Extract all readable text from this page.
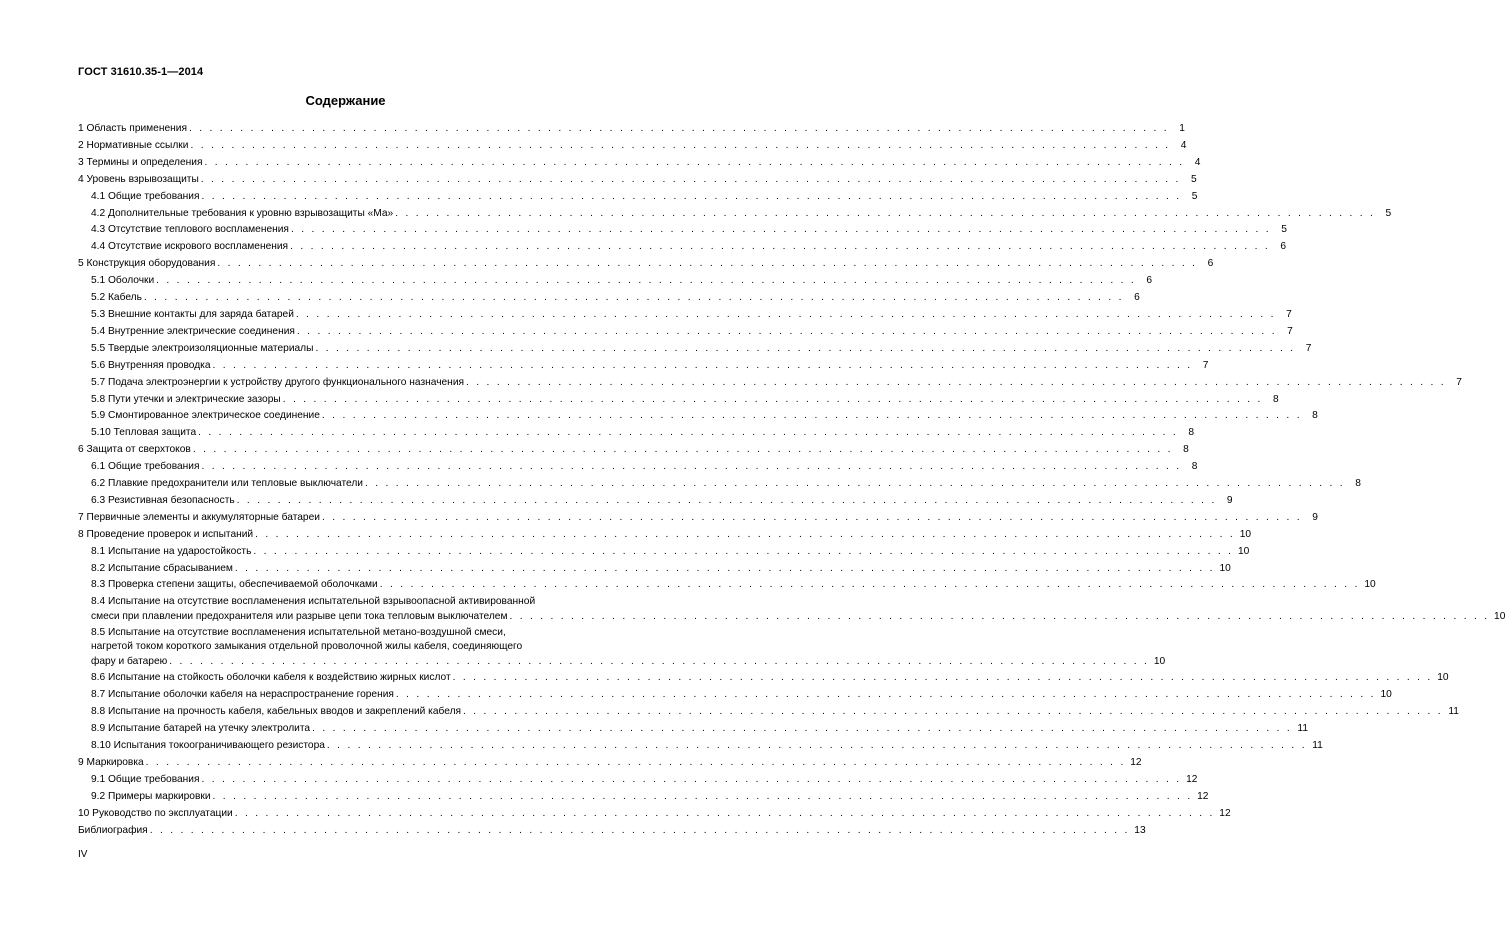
ГОСТ 31610.35-1—2014
Содержание
1 Область применения . . . . . . . . . . . . . . . . . . . . . . . . . . . . . . . . . . . . . . . . . . . . . . . . . . . . . . . . . . . . . . . . . . . . . . . . . . . . . . . . . . . . . . . . . . . . . . . .	1
2 Нормативные ссылки . . . . . . . . . . . . . . . . . . . . . . . . . . . . . . . . . . . . . . . . . . . . . . . . . . . . . . . . . . . . . . . . . . . . . . . . . . . . . . . . . . . . . . . . . . . . . . . .	4
3 Термины и определения . . . . . . . . . . . . . . . . . . . . . . . . . . . . . . . . . . . . . . . . . . . . . . . . . . . . . . . . . . . . . . . . . . . . . . . . . . . . . . . . . . . . . . . . . . . . . . . .	4
4 Уровень взрывозащиты . . . . . . . . . . . . . . . . . . . . . . . . . . . . . . . . . . . . . . . . . . . . . . . . . . . . . . . . . . . . . . . . . . . . . . . . . . . . . . . . . . . . . . . . . . . . . . . .	5
4.1 Общие требования . . . . . . . . . . . . . . . . . . . . . . . . . . . . . . . . . . . . . . . . . . . . . . . . . . . . . . . . . . . . . . . . . . . . . . . . . . . . . . . . . . . . . . . . . . . . . . . .	5
4.2 Дополнительные требования к уровню взрывозащиты «Ма» . . . . . . . . . . . . . . . . . . . . . . . . . . . . . . . . . . . . . . . . . . . . . . . . . . . . . . . . . . . . . . . . . . . . . . . . . . . . . . . . . . . . . . . . . . . . . . . .	5
4.3 Отсутствие теплового воспламенения . . . . . . . . . . . . . . . . . . . . . . . . . . . . . . . . . . . . . . . . . . . . . . . . . . . . . . . . . . . . . . . . . . . . . . . . . . . . . . . . . . . . . . . . . . . . . . . .	5
4.4 Отсутствие искрового воспламенения . . . . . . . . . . . . . . . . . . . . . . . . . . . . . . . . . . . . . . . . . . . . . . . . . . . . . . . . . . . . . . . . . . . . . . . . . . . . . . . . . . . . . . . . . . . . . . . .	6
5 Конструкция оборудования . . . . . . . . . . . . . . . . . . . . . . . . . . . . . . . . . . . . . . . . . . . . . . . . . . . . . . . . . . . . . . . . . . . . . . . . . . . . . . . . . . . . . . . . . . . . . . . .	6
5.1 Оболочки . . . . . . . . . . . . . . . . . . . . . . . . . . . . . . . . . . . . . . . . . . . . . . . . . . . . . . . . . . . . . . . . . . . . . . . . . . . . . . . . . . . . . . . . . . . . . . . .	6
5.2 Кабель . . . . . . . . . . . . . . . . . . . . . . . . . . . . . . . . . . . . . . . . . . . . . . . . . . . . . . . . . . . . . . . . . . . . . . . . . . . . . . . . . . . . . . . . . . . . . . . .	6
5.3 Внешние контакты для заряда батарей . . . . . . . . . . . . . . . . . . . . . . . . . . . . . . . . . . . . . . . . . . . . . . . . . . . . . . . . . . . . . . . . . . . . . . . . . . . . . . . . . . . . . . . . . . . . . . . .	7
5.4 Внутренние электрические соединения . . . . . . . . . . . . . . . . . . . . . . . . . . . . . . . . . . . . . . . . . . . . . . . . . . . . . . . . . . . . . . . . . . . . . . . . . . . . . . . . . . . . . . . . . . . . . . . .	7
5.5 Твердые электроизоляционные материалы . . . . . . . . . . . . . . . . . . . . . . . . . . . . . . . . . . . . . . . . . . . . . . . . . . . . . . . . . . . . . . . . . . . . . . . . . . . . . . . . . . . . . . . . . . . . . . . .	7
5.6 Внутренняя проводка . . . . . . . . . . . . . . . . . . . . . . . . . . . . . . . . . . . . . . . . . . . . . . . . . . . . . . . . . . . . . . . . . . . . . . . . . . . . . . . . . . . . . . . . . . . . . . . .	7
5.7 Подача электроэнергии к устройству другого функционального назначения . . . . . . . . . . . . . . . . . . . . . . . . . . . . . . . . . . . . . . . . . . . . . . . . . . . . . . . . . . . . . . . . . . . . . . . . . . . . . . . . . . . . . . . . . . . . . . . .	7
5.8 Пути утечки и электрические зазоры . . . . . . . . . . . . . . . . . . . . . . . . . . . . . . . . . . . . . . . . . . . . . . . . . . . . . . . . . . . . . . . . . . . . . . . . . . . . . . . . . . . . . . . . . . . . . . . .	8
5.9 Смонтированное электрическое соединение . . . . . . . . . . . . . . . . . . . . . . . . . . . . . . . . . . . . . . . . . . . . . . . . . . . . . . . . . . . . . . . . . . . . . . . . . . . . . . . . . . . . . . . . . . . . . . . .	8
5.10 Тепловая защита . . . . . . . . . . . . . . . . . . . . . . . . . . . . . . . . . . . . . . . . . . . . . . . . . . . . . . . . . . . . . . . . . . . . . . . . . . . . . . . . . . . . . . . . . . . . . . . .	8
6 Защита от сверхтоков . . . . . . . . . . . . . . . . . . . . . . . . . . . . . . . . . . . . . . . . . . . . . . . . . . . . . . . . . . . . . . . . . . . . . . . . . . . . . . . . . . . . . . . . . . . . . . . .	8
6.1 Общие требования . . . . . . . . . . . . . . . . . . . . . . . . . . . . . . . . . . . . . . . . . . . . . . . . . . . . . . . . . . . . . . . . . . . . . . . . . . . . . . . . . . . . . . . . . . . . . . . .	8
6.2 Плавкие предохранители или тепловые выключатели . . . . . . . . . . . . . . . . . . . . . . . . . . . . . . . . . . . . . . . . . . . . . . . . . . . . . . . . . . . . . . . . . . . . . . . . . . . . . . . . . . . . . . . . . . . . . . . .	8
6.3 Резистивная безопасность . . . . . . . . . . . . . . . . . . . . . . . . . . . . . . . . . . . . . . . . . . . . . . . . . . . . . . . . . . . . . . . . . . . . . . . . . . . . . . . . . . . . . . . . . . . . . . . .	9
7 Первичные элементы и аккумуляторные батареи . . . . . . . . . . . . . . . . . . . . . . . . . . . . . . . . . . . . . . . . . . . . . . . . . . . . . . . . . . . . . . . . . . . . . . . . . . . . . . . . . . . . . . . . . . . . . . . .	9
8 Проведение проверок и испытаний . . . . . . . . . . . . . . . . . . . . . . . . . . . . . . . . . . . . . . . . . . . . . . . . . . . . . . . . . . . . . . . . . . . . . . . . . . . . . . . . . . . . . . . . . . . . . . . . 10
8.1 Испытание на ударостойкость . . . . . . . . . . . . . . . . . . . . . . . . . . . . . . . . . . . . . . . . . . . . . . . . . . . . . . . . . . . . . . . . . . . . . . . . . . . . . . . . . . . . . . . . . . . . . . . . 10
8.2 Испытание сбрасыванием . . . . . . . . . . . . . . . . . . . . . . . . . . . . . . . . . . . . . . . . . . . . . . . . . . . . . . . . . . . . . . . . . . . . . . . . . . . . . . . . . . . . . . . . . . . . . . . . 10
8.3 Проверка степени защиты, обеспечиваемой оболочками . . . . . . . . . . . . . . . . . . . . . . . . . . . . . . . . . . . . . . . . . . . . . . . . . . . . . . . . . . . . . . . . . . . . . . . . . . . . . . . . . . . . . . . . . . . . . . . . 10
8.4 Испытание на отсутствие воспламенения испытательной взрывоопасной активированной
смеси при плавлении предохранителя или разрыве цепи тока тепловым выключателем . . . . . . . . . . . . . . . . . . . . . . . . . . . . . . . . . . . . . . . . . . . . . . . . . . . . . . . . . . . . . . . . . . . . . . . . . . . . . . . . . . . . . . . . . . . . . . . . 10
8.5 Испытание на отсутствие воспламенения испытательной метано-воздушной смеси,
нагретой током короткого замыкания отдельной проволочной жилы кабеля, соединяющего
фару и батарею . . . . . . . . . . . . . . . . . . . . . . . . . . . . . . . . . . . . . . . . . . . . . . . . . . . . . . . . . . . . . . . . . . . . . . . . . . . . . . . . . . . . . . . . . . . . . . . . 10
8.6 Испытание на стойкость оболочки кабеля к воздействию жирных кислот . . . . . . . . . . . . . . . . . . . . . . . . . . . . . . . . . . . . . . . . . . . . . . . . . . . . . . . . . . . . . . . . . . . . . . . . . . . . . . . . . . . . . . . . . . . . . . . . 10
8.7 Испытание оболочки кабеля на нераспространение горения . . . . . . . . . . . . . . . . . . . . . . . . . . . . . . . . . . . . . . . . . . . . . . . . . . . . . . . . . . . . . . . . . . . . . . . . . . . . . . . . . . . . . . . . . . . . . . . . 10
8.8 Испытание на прочность кабеля, кабельных вводов и закреплений кабеля . . . . . . . . . . . . . . . . . . . . . . . . . . . . . . . . . . . . . . . . . . . . . . . . . . . . . . . . . . . . . . . . . . . . . . . . . . . . . . . . . . . . . . . . . . . . . . . . 11
8.9 Испытание батарей на утечку электролита . . . . . . . . . . . . . . . . . . . . . . . . . . . . . . . . . . . . . . . . . . . . . . . . . . . . . . . . . . . . . . . . . . . . . . . . . . . . . . . . . . . . . . . . . . . . . . . . 11
8.10 Испытания токоограничивающего резистора . . . . . . . . . . . . . . . . . . . . . . . . . . . . . . . . . . . . . . . . . . . . . . . . . . . . . . . . . . . . . . . . . . . . . . . . . . . . . . . . . . . . . . . . . . . . . . . . 11
9 Маркировка . . . . . . . . . . . . . . . . . . . . . . . . . . . . . . . . . . . . . . . . . . . . . . . . . . . . . . . . . . . . . . . . . . . . . . . . . . . . . . . . . . . . . . . . . . . . . . . . 12
9.1 Общие требования . . . . . . . . . . . . . . . . . . . . . . . . . . . . . . . . . . . . . . . . . . . . . . . . . . . . . . . . . . . . . . . . . . . . . . . . . . . . . . . . . . . . . . . . . . . . . . . . 12
9.2 Примеры маркировки . . . . . . . . . . . . . . . . . . . . . . . . . . . . . . . . . . . . . . . . . . . . . . . . . . . . . . . . . . . . . . . . . . . . . . . . . . . . . . . . . . . . . . . . . . . . . . . . 12
10 Руководство по эксплуатации . . . . . . . . . . . . . . . . . . . . . . . . . . . . . . . . . . . . . . . . . . . . . . . . . . . . . . . . . . . . . . . . . . . . . . . . . . . . . . . . . . . . . . . . . . . . . . . . 12
Библиография . . . . . . . . . . . . . . . . . . . . . . . . . . . . . . . . . . . . . . . . . . . . . . . . . . . . . . . . . . . . . . . . . . . . . . . . . . . . . . . . . . . . . . . . . . . . . . . . 13
IV
